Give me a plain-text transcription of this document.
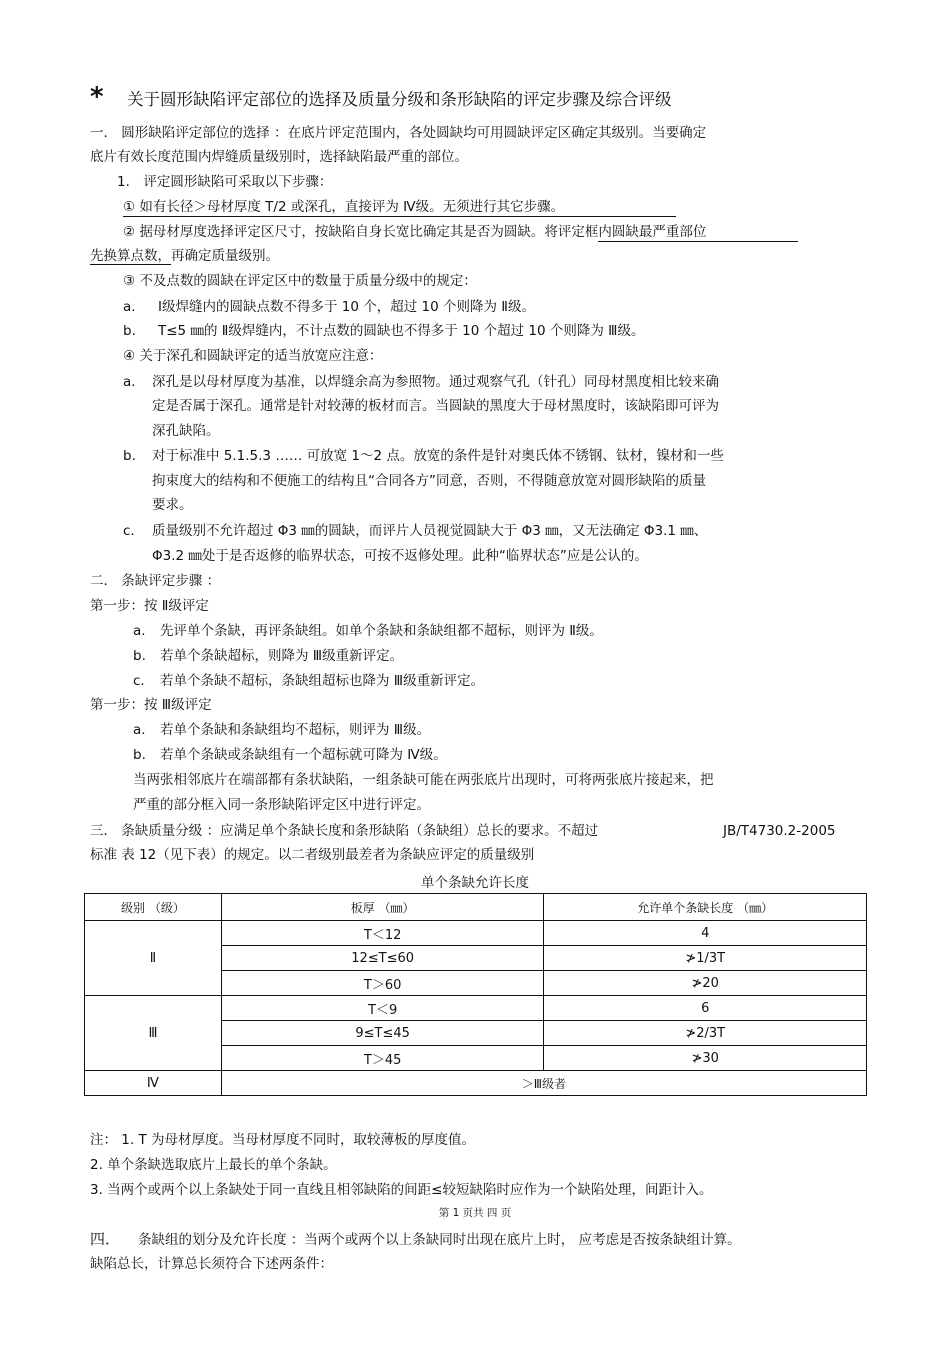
* 关于圆形缺陷评定部位的选择及质量分级和条形缺陷的评定步骤及综合评级
一． 圆形缺陷评定部位的选择 ：在底片评定范围内，各处圆缺均可用圆缺评定区确定其级别。当要确定
底片有效长度范围内焊缝质量级别时，选择缺陷最严重的部位。
1． 评定圆形缺陷可采取以下步骤：
① 如有长径＞母材厚度 T/2 或深孔，直接评为 Ⅳ级。无须进行其它步骤。
② 据母材厚度选择评定区尺寸，按缺陷自身长宽比确定其是否为圆缺。将评定框内圆缺最严重部位
先换算点数，再确定质量级别。
③ 不及点数的圆缺在评定区中的数量于质量分级中的规定：
a. Ⅰ级焊缝内的圆缺点数不得多于 10 个，超过 10 个则降为 Ⅱ级。
b. T≤5 ㎜的 Ⅱ级焊缝内，不计点数的圆缺也不得多于 10 个超过 10 个则降为 Ⅲ级。
④ 关于深孔和圆缺评定的适当放宽应注意：
a. 深孔是以母材厚度为基准，以焊缝余高为参照物。通过观察气孔（针孔）同母材黑度相比较来确
定是否属于深孔。通常是针对较薄的板材而言。当圆缺的黑度大于母材黑度时，该缺陷即可评为
深孔缺陷。
b. 对于标准中 5.1.5.3 …… 可放宽 1～2 点。放宽的条件是针对奥氏体不锈钢、钛材，镍材和一些
拘束度大的结构和不便施工的结构且“合同各方”同意，否则，不得随意放宽对圆形缺陷的质量
要求。
c. 质量级别不允许超过 Φ3 ㎜的圆缺，而评片人员视觉圆缺大于 Φ3 ㎜，又无法确定 Φ3.1 ㎜、
Φ3.2 ㎜处于是否返修的临界状态，可按不返修处理。此种“临界状态”应是公认的。
二． 条缺评定步骤 ：
第一步：按 Ⅱ级评定
a. 先评单个条缺，再评条缺组。如单个条缺和条缺组都不超标，则评为 Ⅱ级。
b. 若单个条缺超标，则降为 Ⅲ级重新评定。
c. 若单个条缺不超标，条缺组超标也降为 Ⅲ级重新评定。
第一步：按 Ⅲ级评定
a. 若单个条缺和条缺组均不超标，则评为 Ⅲ级。
b. 若单个条缺或条缺组有一个超标就可降为 Ⅳ级。
当两张相邻底片在端部都有条状缺陷，一组条缺可能在两张底片出现时，可将两张底片接起来，把
严重的部分框入同一条形缺陷评定区中进行评定。
三． 条缺质量分级 ：应满足单个条缺长度和条形缺陷（条缺组）总长的要求。不超过	JB/T4730.2-2005
标准 表 12（见下表）的规定。以二者级别最差者为条缺应评定的质量级别
单个条缺允许长度
级别 （级）	板厚 （㎜）	允许单个条缺长度 （㎜）
Ⅱ	T＜12	4
	12≤T≤60	≯1/3T
	T＞60	≯20
Ⅲ	T＜9	6
	9≤T≤45	≯2/3T
	T＞45	≯30
Ⅳ	＞Ⅲ级者	
注： 1. T 为母材厚度。当母材厚度不同时，取较薄板的厚度值。
2. 单个条缺选取底片上最长的单个条缺。
3. 当两个或两个以上条缺处于同一直线且相邻缺陷的间距≤较短缺陷时应作为一个缺陷处理，间距计入。
第 1 页共 四 页
四． 条缺组的划分及允许长度 ：当两个或两个以上条缺同时出现在底片上时， 应考虑是否按条缺组计算。
缺陷总长，计算总长须符合下述两条件：
